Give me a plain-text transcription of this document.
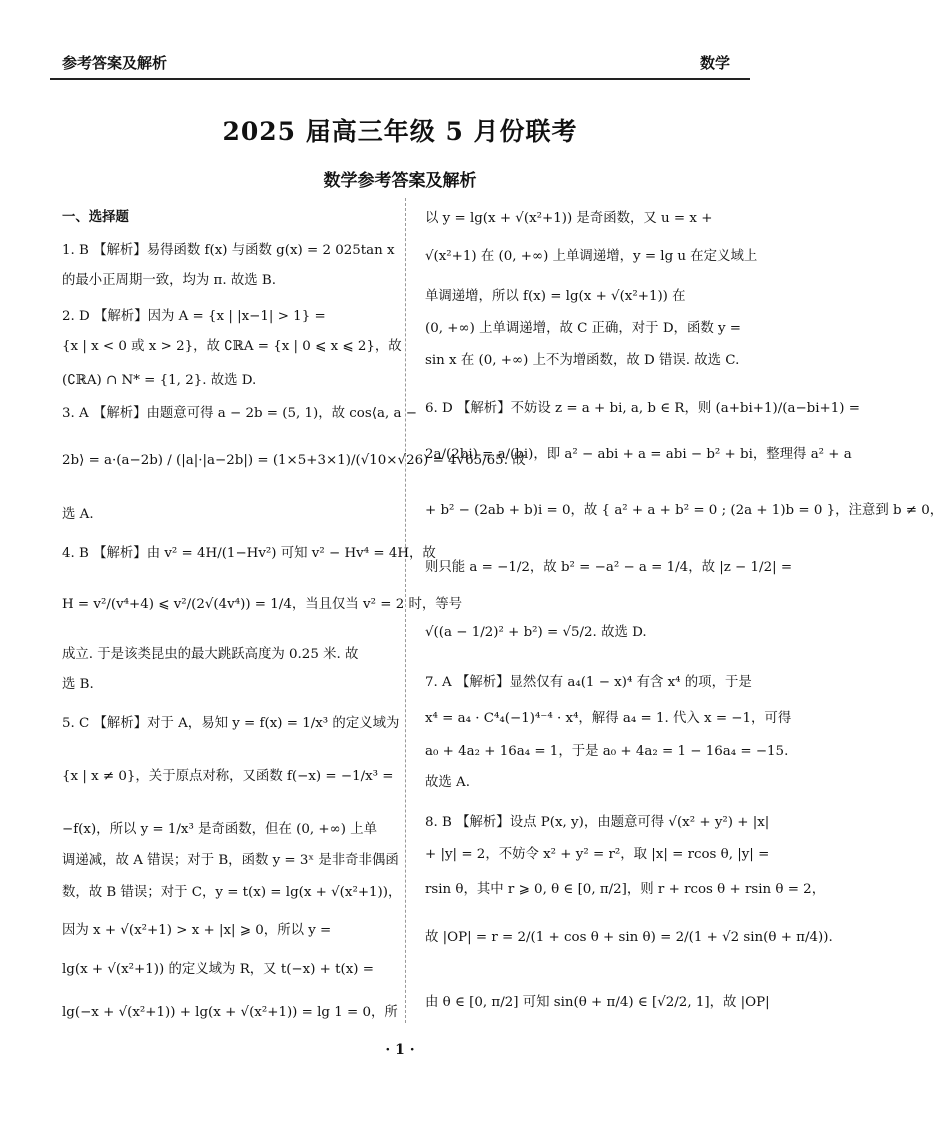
参考答案及解析	数学
2025 届高三年级 5 月份联考
数学参考答案及解析
一、选择题
1. B 【解析】易得函数 f(x) 与函数 g(x) = 2 025tan x
的最小正周期一致，均为 π. 故选 B.
2. D 【解析】因为 A = {x | |x−1| > 1} =
{x | x < 0 或 x > 2}，故 ∁ℝA = {x | 0 ⩽ x ⩽ 2}，故
(∁ℝA) ∩ N* = {1, 2}. 故选 D.
3. A 【解析】由题意可得 a − 2b = (5, 1)，故 cos⟨a, a −
2b⟩ = a·(a−2b) / (|a|·|a−2b|) = (1×5+3×1)/(√10×√26) = 4√65/65. 故
选 A.
4. B 【解析】由 v² = 4H/(1−Hv²) 可知 v² − Hv⁴ = 4H，故
H = v²/(v⁴+4) ⩽ v²/(2√(4v⁴)) = 1/4，当且仅当 v² = 2 时，等号
成立. 于是该类昆虫的最大跳跃高度为 0.25 米. 故
选 B.
5. C 【解析】对于 A，易知 y = f(x) = 1/x³ 的定义域为
{x | x ≠ 0}，关于原点对称，又函数 f(−x) = −1/x³ =
−f(x)，所以 y = 1/x³ 是奇函数，但在 (0, +∞) 上单
调递减，故 A 错误；对于 B，函数 y = 3ˣ 是非奇非偶函
数，故 B 错误；对于 C，y = t(x) = lg(x + √(x²+1))，
因为 x + √(x²+1) > x + |x| ⩾ 0，所以 y =
lg(x + √(x²+1)) 的定义域为 R，又 t(−x) + t(x) =
lg(−x + √(x²+1)) + lg(x + √(x²+1)) = lg 1 = 0，所
以 y = lg(x + √(x²+1)) 是奇函数，又 u = x +
√(x²+1) 在 (0, +∞) 上单调递增，y = lg u 在定义域上
单调递增，所以 f(x) = lg(x + √(x²+1)) 在
(0, +∞) 上单调递增，故 C 正确，对于 D，函数 y =
sin x 在 (0, +∞) 上不为增函数，故 D 错误. 故选 C.
6. D 【解析】不妨设 z = a + bi, a, b ∈ R，则 (a+bi+1)/(a−bi+1) =
2a/(2bi) = a/(bi)，即 a² − abi + a = abi − b² + bi，整理得 a² + a
+ b² − (2ab + b)i = 0，故 { a² + a + b² = 0 ; (2a + 1)b = 0 }，注意到 b ≠ 0，
则只能 a = −1/2，故 b² = −a² − a = 1/4，故 |z − 1/2| =
√((a − 1/2)² + b²) = √5/2. 故选 D.
7. A 【解析】显然仅有 a₄(1 − x)⁴ 有含 x⁴ 的项，于是
x⁴ = a₄ · C⁴₄(−1)⁴⁻⁴ · x⁴，解得 a₄ = 1. 代入 x = −1，可得
a₀ + 4a₂ + 16a₄ = 1，于是 a₀ + 4a₂ = 1 − 16a₄ = −15.
故选 A.
8. B 【解析】设点 P(x, y)，由题意可得 √(x² + y²) + |x|
+ |y| = 2，不妨令 x² + y² = r²，取 |x| = rcos θ, |y| =
rsin θ，其中 r ⩾ 0, θ ∈ [0, π/2]，则 r + rcos θ + rsin θ = 2，
故 |OP| = r = 2/(1 + cos θ + sin θ) = 2/(1 + √2 sin(θ + π/4)).
由 θ ∈ [0, π/2] 可知 sin(θ + π/4) ∈ [√2/2, 1]，故 |OP|
· 1 ·
